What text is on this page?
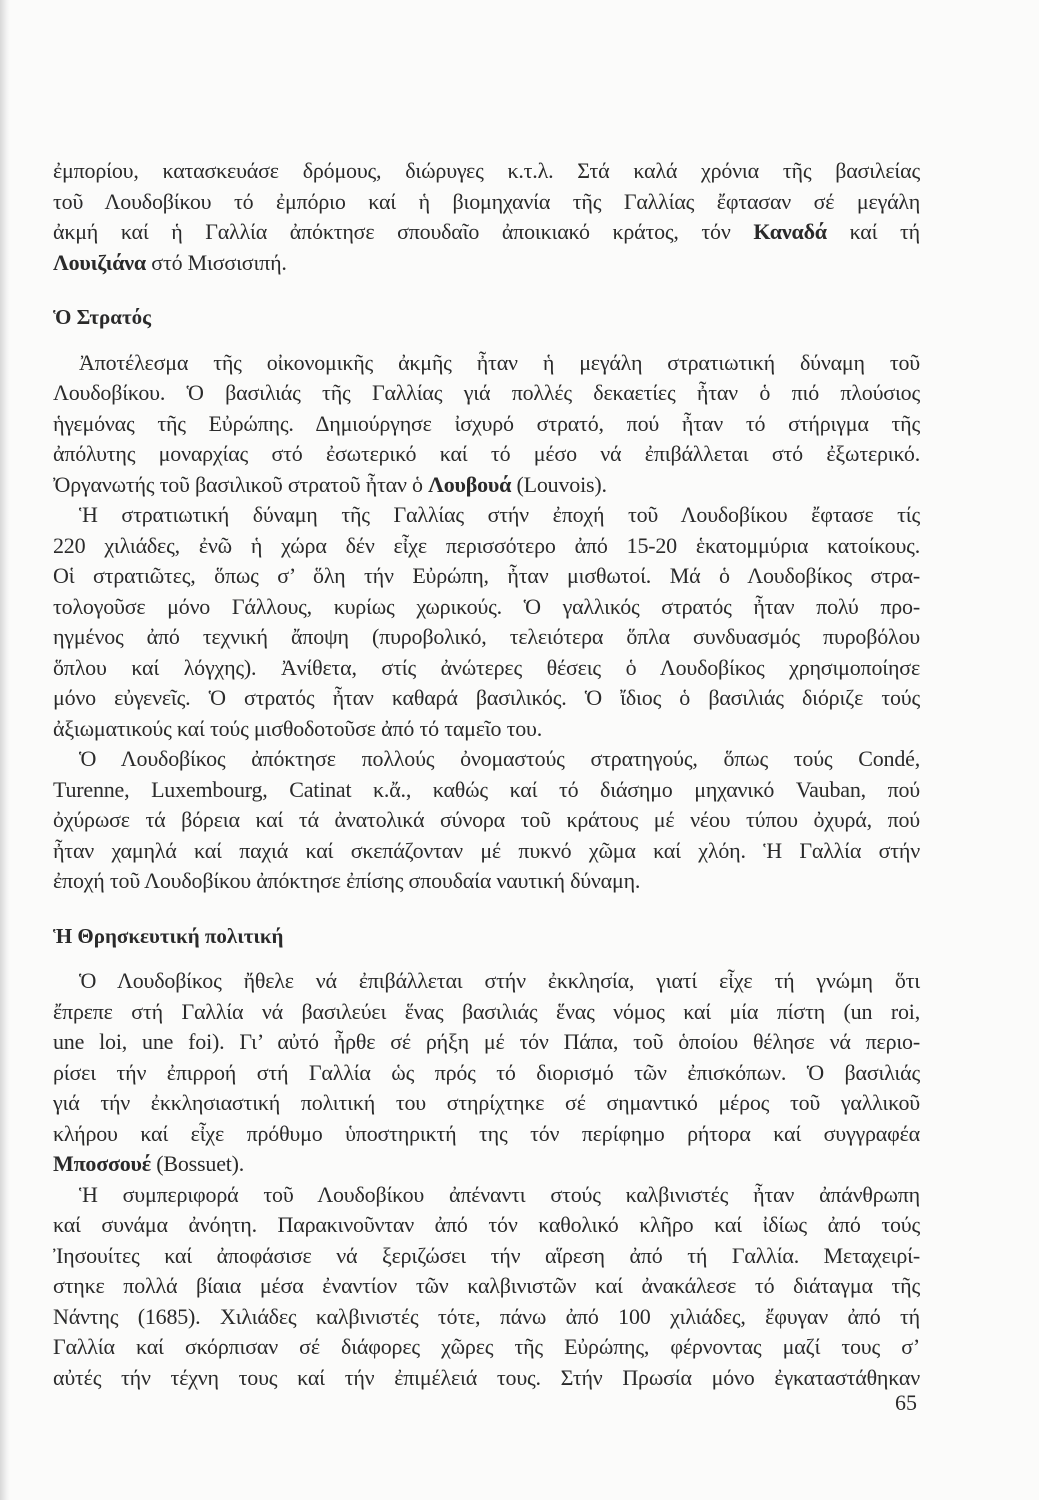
ἐμπορίου, κατασκευάσε δρόμους, διώρυγες κ.τ.λ. Στά καλά χρόνια τῆς βασιλείας
τοῦ Λουδοβίκου τό ἐμπόριο καί ἡ βιομηχανία τῆς Γαλλίας ἔφτασαν σέ μεγάλη
ἀκμή καί ἡ Γαλλία ἀπόκτησε σπουδαῖο ἀποικιακό κράτος, τόν Καναδά καί τή
Λουιζιάνα στό Μισσισιπή.
Ὁ Στρατός
Ἀποτέλεσμα τῆς οἰκονομικῆς ἀκμῆς ἦταν ἡ μεγάλη στρατιωτική δύναμη τοῦ
Λουδοβίκου. Ὁ βασιλιάς τῆς Γαλλίας γιά πολλές δεκαετίες ἦταν ὁ πιό πλούσιος
ἡγεμόνας τῆς Εὐρώπης. Δημιούργησε ἰσχυρό στρατό, πού ἦταν τό στήριγμα τῆς
ἀπόλυτης μοναρχίας στό ἐσωτερικό καί τό μέσο νά ἐπιβάλλεται στό ἐξωτερικό.
Ὀργανωτής τοῦ βασιλικοῦ στρατοῦ ἦταν ὁ Λουβουά (Louvois).
Ἡ στρατιωτική δύναμη τῆς Γαλλίας στήν ἐποχή τοῦ Λουδοβίκου ἔφτασε τίς
220 χιλιάδες, ἐνῶ ἡ χώρα δέν εἶχε περισσότερο ἀπό 15-20 ἑκατομμύρια κατοίκους.
Οἱ στρατιῶτες, ὅπως σ’ ὅλη τήν Εὐρώπη, ἦταν μισθωτοί. Μά ὁ Λουδοβίκος στρα-
τολογοῦσε μόνο Γάλλους, κυρίως χωρικούς. Ὁ γαλλικός στρατός ἦταν πολύ προ-
ηγμένος ἀπό τεχνική ἄποψη (πυροβολικό, τελειότερα ὅπλα συνδυασμός πυροβόλου
ὅπλου καί λόγχης). Ἀνίθετα, στίς ἀνώτερες θέσεις ὁ Λουδοβίκος χρησιμοποίησε
μόνο εὐγενεῖς. Ὁ στρατός ἦταν καθαρά βασιλικός. Ὁ ἴδιος ὁ βασιλιάς διόριζε τούς
ἀξιωματικούς καί τούς μισθοδοτοῦσε ἀπό τό ταμεῖο του.
Ὁ Λουδοβίκος ἀπόκτησε πολλούς ὀνομαστούς στρατηγούς, ὅπως τούς Condé,
Turenne, Luxembourg, Catinat κ.ἄ., καθώς καί τό διάσημο μηχανικό Vauban, πού
ὀχύρωσε τά βόρεια καί τά ἀνατολικά σύνορα τοῦ κράτους μέ νέου τύπου ὀχυρά, πού
ἦταν χαμηλά καί παχιά καί σκεπάζονταν μέ πυκνό χῶμα καί χλόη. Ἡ Γαλλία στήν
ἐποχή τοῦ Λουδοβίκου ἀπόκτησε ἐπίσης σπουδαία ναυτική δύναμη.
Ἡ Θρησκευτική πολιτική
Ὁ Λουδοβίκος ἤθελε νά ἐπιβάλλεται στήν ἐκκλησία, γιατί εἶχε τή γνώμη ὅτι
ἔπρεπε στή Γαλλία νά βασιλεύει ἕνας βασιλιάς ἕνας νόμος καί μία πίστη (un roi,
une loi, une foi). Γι’ αὐτό ἦρθε σέ ρήξη μέ τόν Πάπα, τοῦ ὁποίου θέλησε νά περιο-
ρίσει τήν ἐπιρροή στή Γαλλία ὡς πρός τό διορισμό τῶν ἐπισκόπων. Ὁ βασιλιάς
γιά τήν ἐκκλησιαστική πολιτική του στηρίχτηκε σέ σημαντικό μέρος τοῦ γαλλικοῦ
κλήρου καί εἶχε πρόθυμο ὑποστηρικτή της τόν περίφημο ρήτορα καί συγγραφέα
Μποσσουέ (Bossuet).
Ἡ συμπεριφορά τοῦ Λουδοβίκου ἀπέναντι στούς καλβινιστές ἦταν ἀπάνθρωπη
καί συνάμα ἀνόητη. Παρακινοῦνταν ἀπό τόν καθολικό κλῆρο καί ἰδίως ἀπό τούς
Ἰησουίτες καί ἀποφάσισε νά ξεριζώσει τήν αἵρεση ἀπό τή Γαλλία. Μεταχειρί-
στηκε πολλά βίαια μέσα ἐναντίον τῶν καλβινιστῶν καί ἀνακάλεσε τό διάταγμα τῆς
Νάντης (1685). Χιλιάδες καλβινιστές τότε, πάνω ἀπό 100 χιλιάδες, ἔφυγαν ἀπό τή
Γαλλία καί σκόρπισαν σέ διάφορες χῶρες τῆς Εὐρώπης, φέρνοντας μαζί τους σ’
αὐτές τήν τέχνη τους καί τήν ἐπιμέλειά τους. Στήν Πρωσία μόνο ἐγκαταστάθηκαν
65
